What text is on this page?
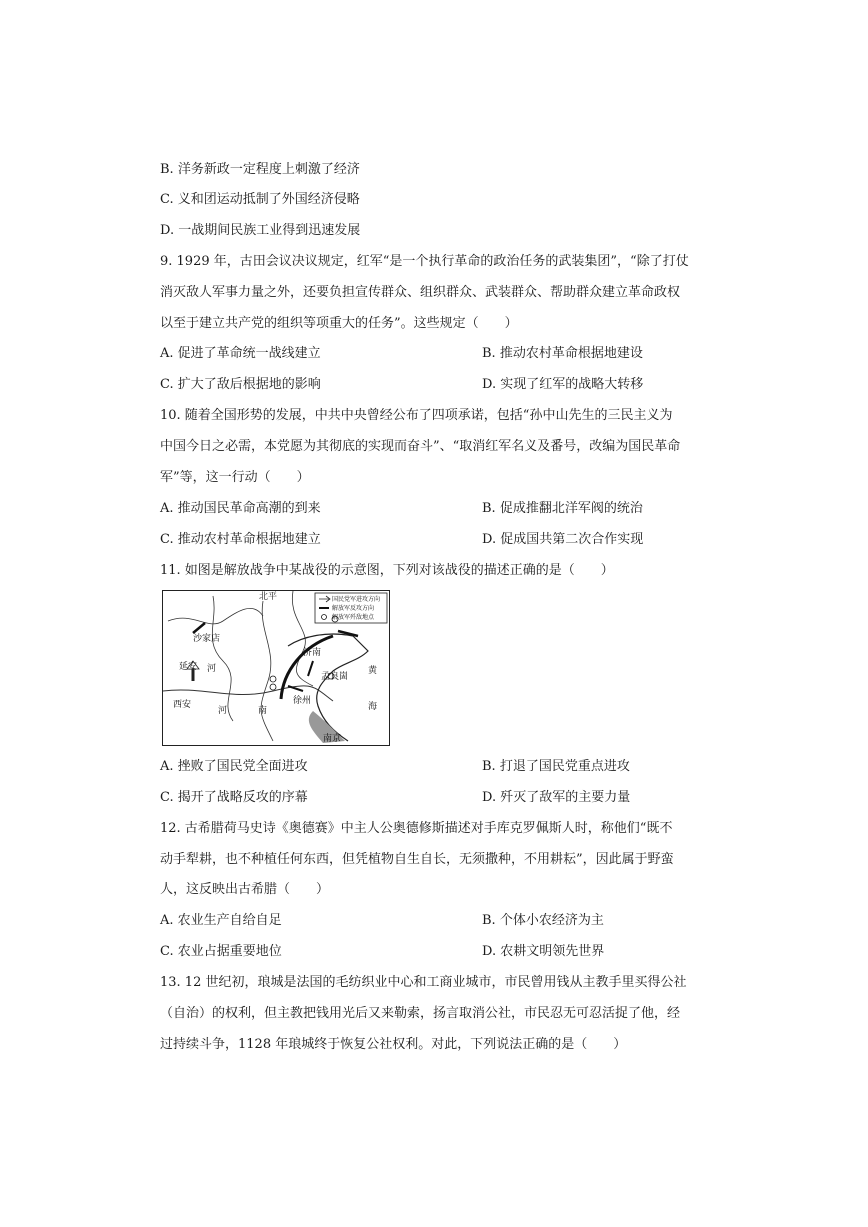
B. 洋务新政一定程度上刺激了经济
C. 义和团运动抵制了外国经济侵略
D. 一战期间民族工业得到迅速发展
9. 1929 年，古田会议决议规定，红军“是一个执行革命的政治任务的武装集团”，“除了打仗
消灭敌人军事力量之外，还要负担宣传群众、组织群众、武装群众、帮助群众建立革命政权
以至于建立共产党的组织等项重大的任务”。这些规定（　　）
A. 促进了革命统一战线建立	B. 推动农村革命根据地建设
C. 扩大了敌后根据地的影响	D. 实现了红军的战略大转移
10. 随着全国形势的发展，中共中央曾经公布了四项承诺，包括“孙中山先生的三民主义为
中国今日之必需，本党愿为其彻底的实现而奋斗”、“取消红军名义及番号，改编为国民革命
军”等，这一行动（　　）
A. 推动国民革命高潮的到来	B. 促成推翻北洋军阀的统治
C. 推动农村革命根据地建立	D. 促成国共第二次合作实现
11. 如图是解放战争中某战役的示意图，下列对该战役的描述正确的是（　　）
国民党军进攻方向
解放军反攻方向
解放军歼敌地点
北平
沙家店
延安 河
济南
孟良崮
黄
海
徐州
西安
河	南
南京
A. 挫败了国民党全面进攻	B. 打退了国民党重点进攻
C. 揭开了战略反攻的序幕	D. 歼灭了敌军的主要力量
12. 古希腊荷马史诗《奥德赛》中主人公奥德修斯描述对手库克罗佩斯人时，称他们“既不
动手犁耕，也不种植任何东西，但凭植物自生自长，无须撒种，不用耕耘”，因此属于野蛮
人，这反映出古希腊（　　）
A. 农业生产自给自足	B. 个体小农经济为主
C. 农业占据重要地位	D. 农耕文明领先世界
13. 12 世纪初，琅城是法国的毛纺织业中心和工商业城市，市民曾用钱从主教手里买得公社
（自治）的权利，但主教把钱用光后又来勒索，扬言取消公社，市民忍无可忍活捉了他，经
过持续斗争，1128 年琅城终于恢复公社权利。对此，下列说法正确的是（　　）
